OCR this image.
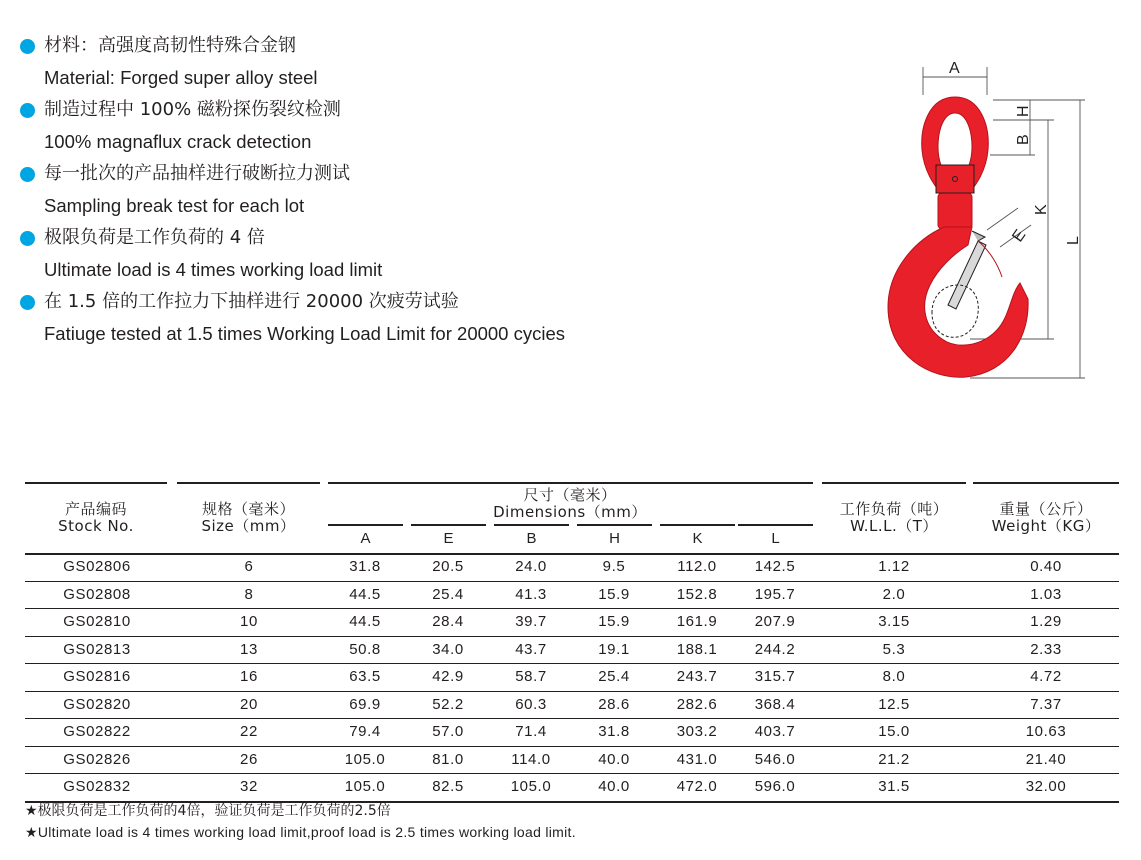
材料：高强度高韧性特殊合金钢
Material: Forged super alloy steel
制造过程中 100% 磁粉探伤裂纹检测
100% magnaflux crack detection
每一批次的产品抽样进行破断拉力测试
Sampling break test for each lot
极限负荷是工作负荷的 4 倍
Ultimate load is 4 times working load limit
在 1.5 倍的工作拉力下抽样进行 20000 次疲劳试验
Fatiuge tested at 1.5 times Working Load Limit for 20000 cycies
A
H
B
K
L
E
产品编码
Stock No.
规格（毫米）
Size（mm）
尺寸（毫米）
Dimensions（mm）	工作负荷（吨）
W.L.L.（T）
重量（公斤）
Weight（KG）
A	E	B	H	K	L
GS02806	6	31.8	20.5	24.0	9.5	112.0	142.5	1.12	0.40
GS02808	8	44.5	25.4	41.3	15.9	152.8	195.7	2.0	1.03
GS02810	10	44.5	28.4	39.7	15.9	161.9	207.9	3.15	1.29
GS02813	13	50.8	34.0	43.7	19.1	188.1	244.2	5.3	2.33
GS02816	16	63.5	42.9	58.7	25.4	243.7	315.7	8.0	4.72
GS02820	20	69.9	52.2	60.3	28.6	282.6	368.4	12.5	7.37
GS02822	22	79.4	57.0	71.4	31.8	303.2	403.7	15.0	10.63
GS02826	26	105.0	81.0	114.0	40.0	431.0	546.0	21.2	21.40
GS02832	32	105.0	82.5	105.0	40.0	472.0	596.0	31.5	32.00
★极限负荷是工作负荷的4倍，验证负荷是工作负荷的2.5倍
★Ultimate load is 4 times working load limit,proof load is 2.5 times working load limit.
